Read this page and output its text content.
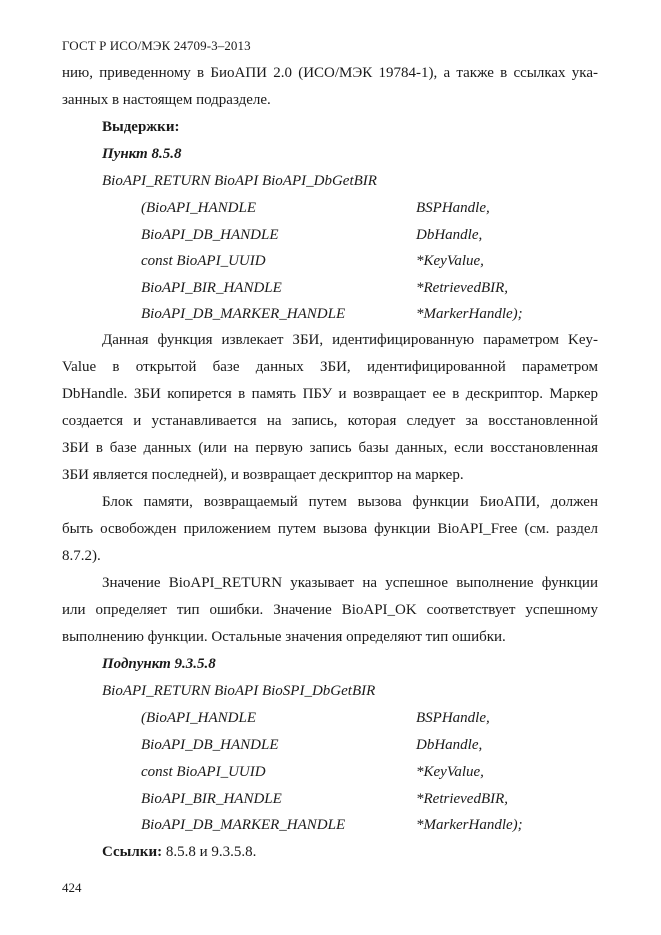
ГОСТ Р ИСО/МЭК 24709-3–2013
нию, приведенному в БиоАПИ 2.0 (ИСО/МЭК 19784-1), а также в ссылках ука-
занных в настоящем подразделе.
Выдержки:
Пункт 8.5.8
BioAPI_RETURN BioAPI BioAPI_DbGetBIR
(BioAPI_HANDLE	BSPHandle,
BioAPI_DB_HANDLE	DbHandle,
const BioAPI_UUID	*KeyValue,
BioAPI_BIR_HANDLE	*RetrievedBIR,
BioAPI_DB_MARKER_HANDLE	*MarkerHandle);
Данная функция извлекает ЗБИ, идентифицированную параметром Key-
Value в открытой базе данных ЗБИ, идентифицированной параметром
DbHandle. ЗБИ копирется в память ПБУ и возвращает ее в дескриптор. Маркер
создается и устанавливается на запись, которая следует за восстановленной
ЗБИ в базе данных (или на первую запись базы данных, если восстановленная
ЗБИ является последней), и возвращает дескриптор на маркер.
Блок памяти, возвращаемый путем вызова функции БиоАПИ, должен
быть освобожден приложением путем вызова функции BioAPI_Free (см. раздел
8.7.2).
Значение BioAPI_RETURN указывает на успешное выполнение функции
или определяет тип ошибки. Значение BioAPI_OK соответствует успешному
выполнению функции. Остальные значения определяют тип ошибки.
Подпункт 9.3.5.8
BioAPI_RETURN BioAPI BioSPI_DbGetBIR
(BioAPI_HANDLE	BSPHandle,
BioAPI_DB_HANDLE	DbHandle,
const BioAPI_UUID	*KeyValue,
BioAPI_BIR_HANDLE	*RetrievedBIR,
BioAPI_DB_MARKER_HANDLE	*MarkerHandle);
Ссылки: 8.5.8 и 9.3.5.8.
424
